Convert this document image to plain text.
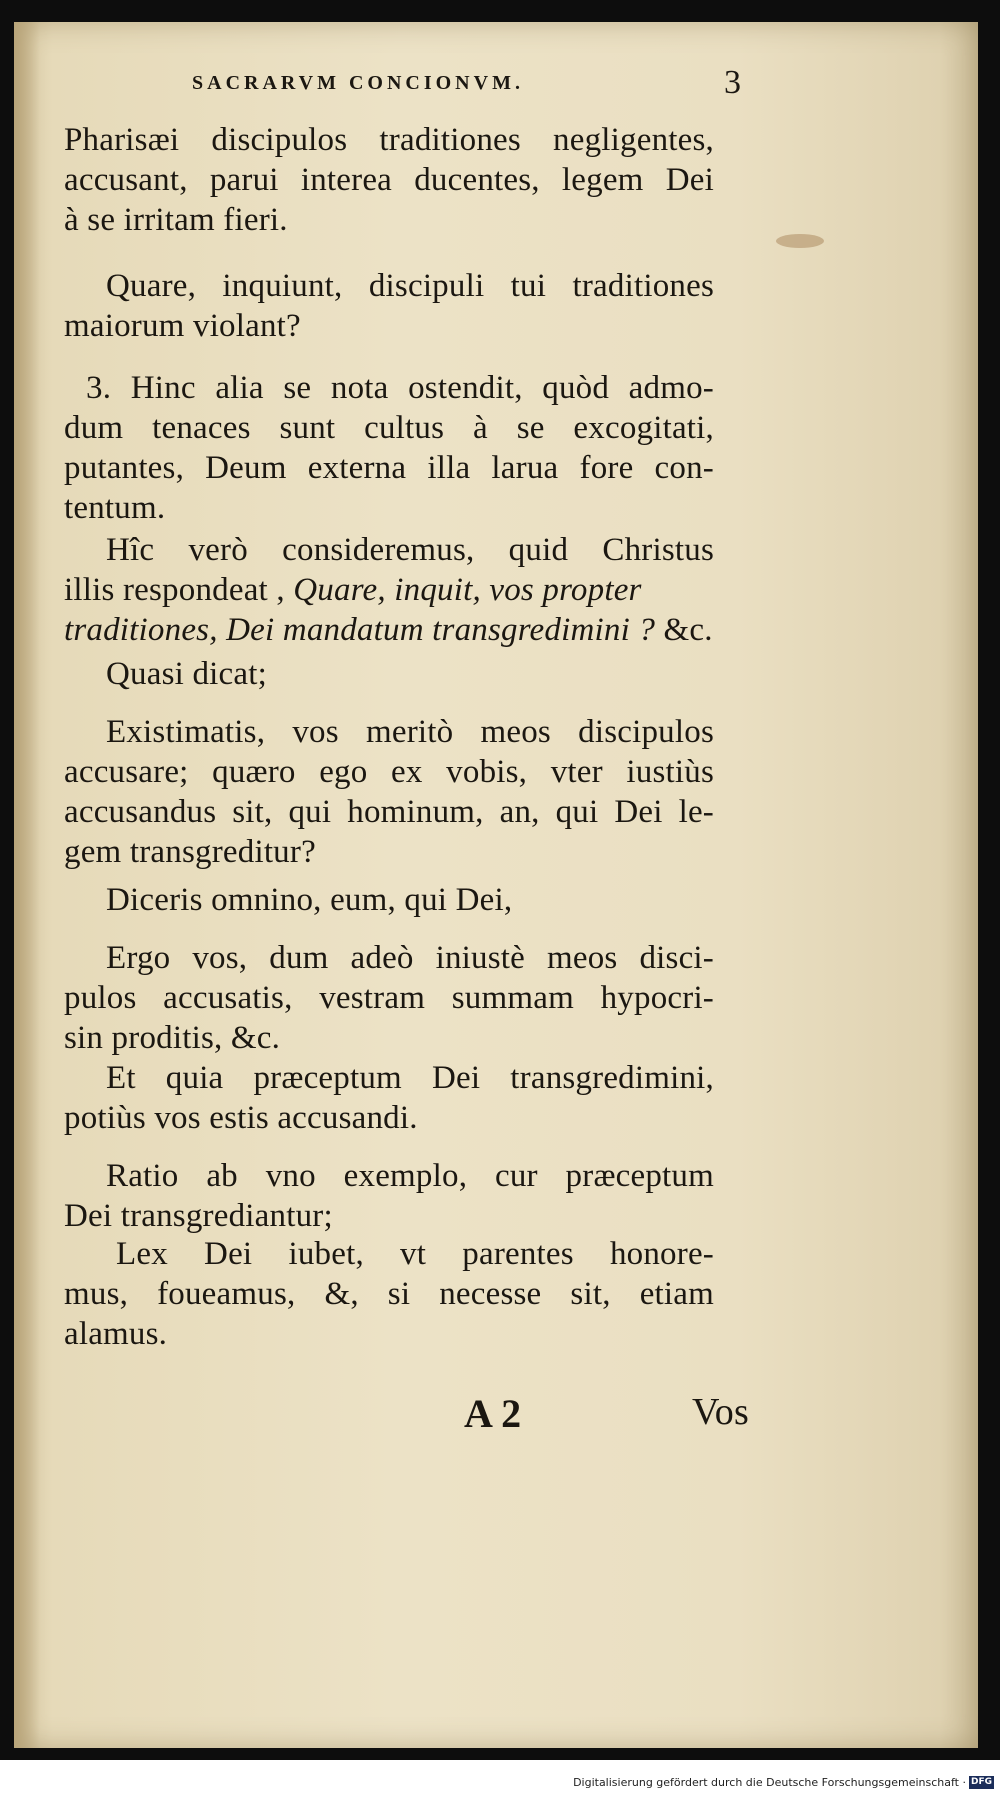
SACRARVM CONCIONVM.	3
Pharisæi discipulos traditiones negligentes,
accusant, parui interea ducentes, legem Dei
à se irritam fieri.
Quare, inquiunt, discipuli tui traditiones
maiorum violant?
3. Hinc alia se nota ostendit, quòd admo-
dum tenaces sunt cultus à se excogitati,
putantes, Deum externa illa larua fore con-
tentum.
Hîc verò consideremus, quid Christus
illis respondeat , Quare, inquit, vos propter
traditiones, Dei mandatum transgredimini ? &c.
Quasi dicat;
Existimatis, vos meritò meos discipulos
accusare; quæro ego ex vobis, vter iustiùs
accusandus sit, qui hominum, an, qui Dei le-
gem transgreditur?
Diceris omnino, eum, qui Dei,
Ergo vos, dum adeò iniustè meos disci-
pulos accusatis, vestram summam hypocri-
sin proditis, &c.
Et quia præceptum Dei transgredimini,
potiùs vos estis accusandi.
Ratio ab vno exemplo, cur præceptum
Dei transgrediantur;
Lex Dei iubet, vt parentes honore-
mus, foueamus, &, si necesse sit, etiam
alamus.
A 2	Vos
Digitalisierung gefördert durch die Deutsche Forschungsgemeinschaft · DFG
